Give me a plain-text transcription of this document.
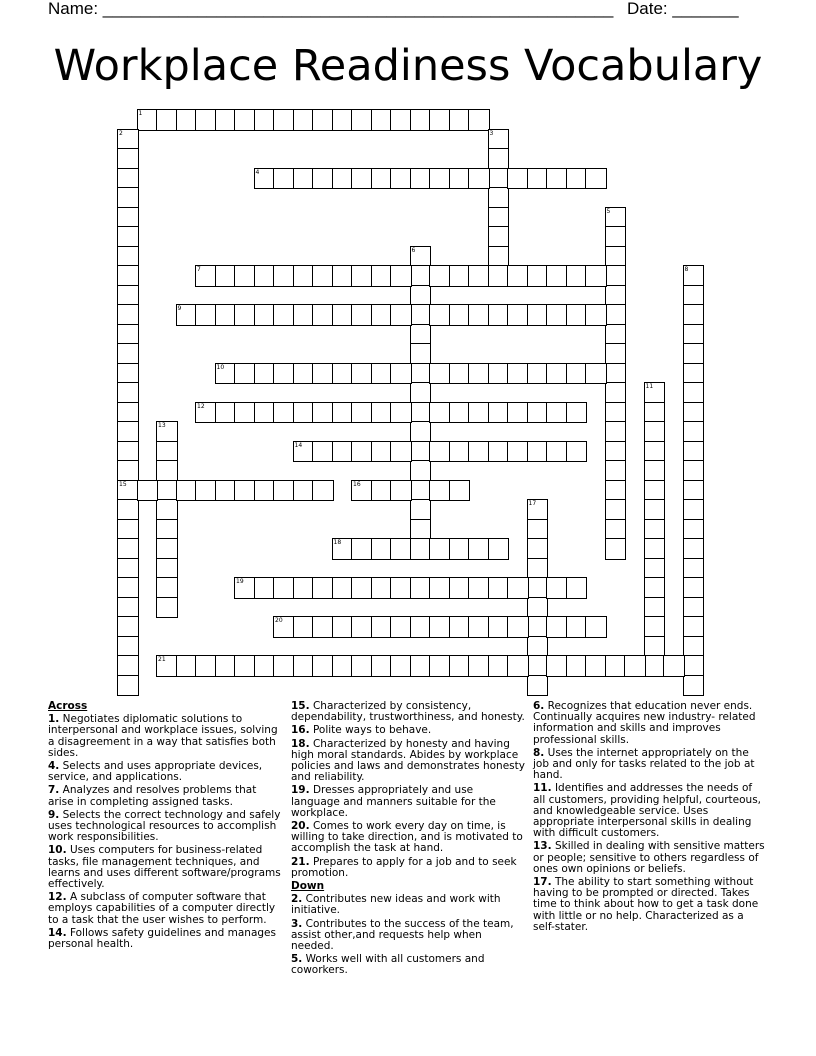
Name: ______________________________________________________ Date: _______
Workplace Readiness Vocabulary
1
2	3
4
5
6
7	8
9
10
11
12
13
14
15	16
17
18
19
20
21

Across

1. Negotiates diplomatic solutions to interpersonal and workplace issues, solving a disagreement in a way that satisfies both sides.

4. Selects and uses appropriate devices, service, and applications.

7. Analyzes and resolves problems that arise in completing assigned tasks.

9. Selects the correct technology and safely uses technological resources to accomplish work responsibilities.

10. Uses computers for business-related tasks, file management techniques, and learns and uses different software/programs effectively.

12. A subclass of computer software that employs capabilities of a computer directly to a task that the user wishes to perform.

14. Follows safety guidelines and manages personal health.

15. Characterized by consistency, dependability, trustworthiness, and honesty.

16. Polite ways to behave.

18. Characterized by honesty and having high moral standards. Abides by workplace policies and laws and demonstrates honesty and reliability.

19. Dresses appropriately and use language and manners suitable for the workplace.

20. Comes to work every day on time, is willing to take direction, and is motivated to accomplish the task at hand.

21. Prepares to apply for a job and to seek promotion.

Down

2. Contributes new ideas and work with initiative.

3. Contributes to the success of the team, assist other,and requests help when needed.

5. Works well with all customers and coworkers.

6. Recognizes that education never ends. Continually acquires new industry- related information and skills and improves professional skills.

8. Uses the internet appropriately on the job and only for tasks related to the job at hand.

11. Identifies and addresses the needs of all customers, providing helpful, courteous, and knowledgeable service. Uses appropriate interpersonal skills in dealing with difficult customers.

13. Skilled in dealing with sensitive matters or people; sensitive to others regardless of ones own opinions or beliefs.

17. The ability to start something without having to be prompted or directed. Takes time to think about how to get a task done with little or no help. Characterized as a self-stater.
